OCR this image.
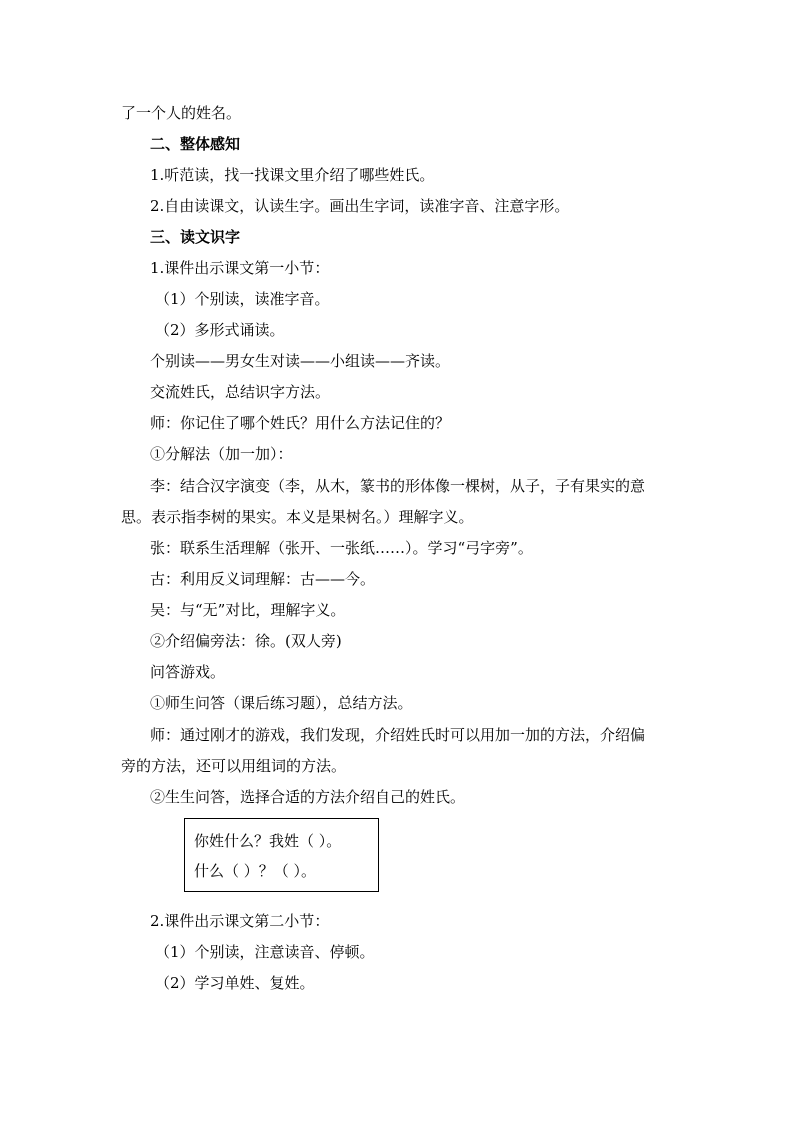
了一个人的姓名。
二、整体感知
1.听范读，找一找课文里介绍了哪些姓氏。
2.自由读课文，认读生字。画出生字词，读准字音、注意字形。
三、读文识字
1.课件出示课文第一小节：
（1）个别读，读准字音。
（2）多形式诵读。
个别读——男女生对读——小组读——齐读。
交流姓氏，总结识字方法。
师：你记住了哪个姓氏？用什么方法记住的？
①分解法（加一加）：
李：结合汉字演变（李，从木，篆书的形体像一棵树，从子，子有果实的意
思。表示指李树的果实。本义是果树名。）理解字义。
张：联系生活理解（张开、一张纸……）。学习“弓字旁”。
古：利用反义词理解：古——今。
吴：与“无”对比，理解字义。
②介绍偏旁法：徐。(双人旁)
问答游戏。
①师生问答（课后练习题），总结方法。
师：通过刚才的游戏，我们发现，介绍姓氏时可以用加一加的方法，介绍偏
旁的方法，还可以用组词的方法。
②生生问答，选择合适的方法介绍自己的姓氏。
你姓什么？我姓（ ）。
什么（ ）？（ ）。
2.课件出示课文第二小节：
（1）个别读，注意读音、停顿。
（2）学习单姓、复姓。
